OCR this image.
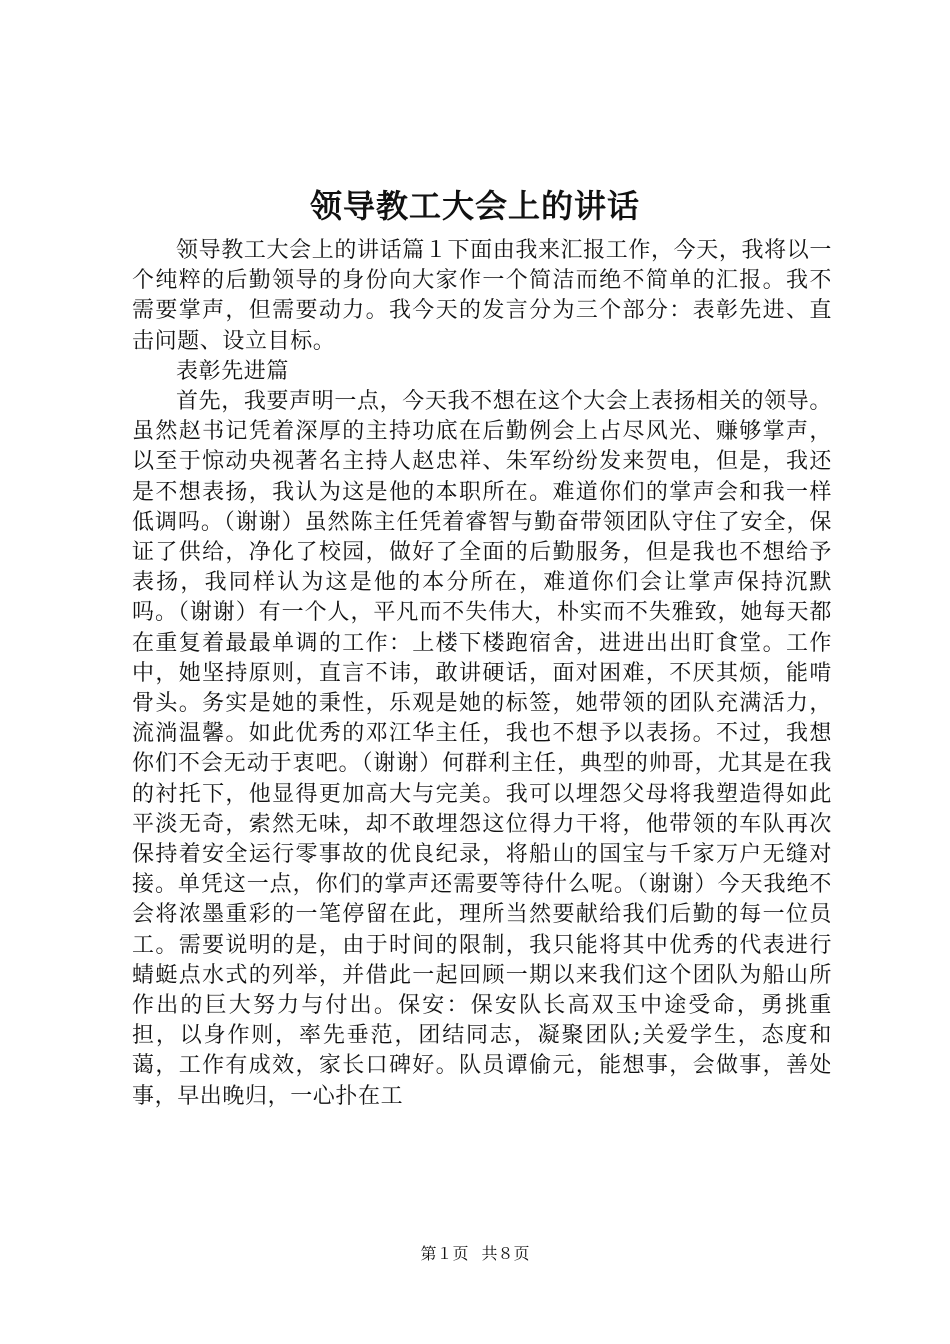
领导教工大会上的讲话

领导教工大会上的讲话篇１下面由我来汇报工作，今天，我将以一个纯粹的后勤领导的身份向大家作一个简洁而绝不简单的汇报。我不需要掌声，但需要动力。我今天的发言分为三个部分：表彰先进、直击问题、设立目标。

表彰先进篇

首先，我要声明一点，今天我不想在这个大会上表扬相关的领导。虽然赵书记凭着深厚的主持功底在后勤例会上占尽风光、赚够掌声，以至于惊动央视著名主持人赵忠祥、朱军纷纷发来贺电，但是，我还是不想表扬，我认为这是他的本职所在。难道你们的掌声会和我一样低调吗。（谢谢）虽然陈主任凭着睿智与勤奋带领团队守住了安全，保证了供给，净化了校园，做好了全面的后勤服务，但是我也不想给予表扬，我同样认为这是他的本分所在，难道你们会让掌声保持沉默吗。（谢谢）有一个人，平凡而不失伟大，朴实而不失雅致，她每天都在重复着最最单调的工作：上楼下楼跑宿舍，进进出出盯食堂。工作中，她坚持原则，直言不讳，敢讲硬话，面对困难，不厌其烦，能啃骨头。务实是她的秉性，乐观是她的标签，她带领的团队充满活力，流淌温馨。如此优秀的邓江华主任，我也不想予以表扬。不过，我想你们不会无动于衷吧。（谢谢）何群利主任，典型的帅哥，尤其是在我的衬托下，他显得更加高大与完美。我可以埋怨父母将我塑造得如此平淡无奇，索然无味，却不敢埋怨这位得力干将，他带领的车队再次保持着安全运行零事故的优良纪录，将船山的国宝与千家万户无缝对接。单凭这一点，你们的掌声还需要等待什么呢。（谢谢）今天我绝不会将浓墨重彩的一笔停留在此，理所当然要献给我们后勤的每一位员工。需要说明的是，由于时间的限制，我只能将其中优秀的代表进行蜻蜓点水式的列举，并借此一起回顾一期以来我们这个团队为船山所作出的巨大努力与付出。保安：保安队长高双玉中途受命，勇挑重担，以身作则，率先垂范，团结同志，凝聚团队;关爱学生，态度和蔼，工作有成效，家长口碑好。队员谭偷元，能想事，会做事，善处事，早出晚归，一心扑在工

第１页 共８页
